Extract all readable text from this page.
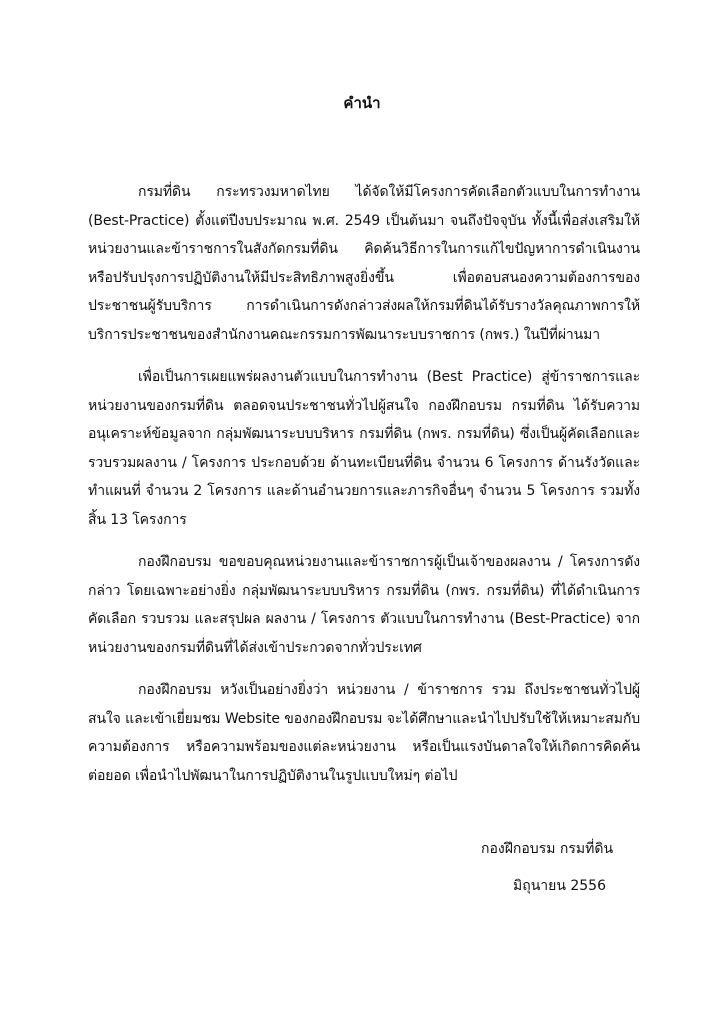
คำนำ

กรมที่ดิน กระทรวงมหาดไทย ได้จัดให้มีโครงการคัดเลือกตัวแบบในการทำงาน (Best-Practice) ตั้งแต่ปีงบประมาณ พ.ศ. 2549 เป็นต้นมา จนถึงปัจจุบัน ทั้งนี้เพื่อส่งเสริมให้หน่วยงานและข้าราชการในสังกัดกรมที่ดิน คิดค้นวิธีการในการแก้ไขปัญหาการดำเนินงานหรือปรับปรุงการปฏิบัติงานให้มีประสิทธิภาพสูงยิ่งขึ้น เพื่อตอบสนองความต้องการของประชาชนผู้รับบริการ การดำเนินการดังกล่าวส่งผลให้กรมที่ดินได้รับรางวัลคุณภาพการให้บริการประชาชนของสำนักงานคณะกรรมการพัฒนาระบบราชการ (กพร.) ในปีที่ผ่านมา

เพื่อเป็นการเผยแพร่ผลงานตัวแบบในการทำงาน (Best Practice) สู่ข้าราชการและหน่วยงานของกรมที่ดิน ตลอดจนประชาชนทั่วไปผู้สนใจ กองฝึกอบรม กรมที่ดิน ได้รับความอนุเคราะห์ข้อมูลจาก กลุ่มพัฒนาระบบบริหาร กรมที่ดิน (กพร. กรมที่ดิน) ซึ่งเป็นผู้คัดเลือกและรวบรวมผลงาน / โครงการ ประกอบด้วย ด้านทะเบียนที่ดิน จำนวน 6 โครงการ ด้านรังวัดและทำแผนที่ จำนวน 2 โครงการ และด้านอำนวยการและภารกิจอื่นๆ จำนวน 5 โครงการ รวมทั้งสิ้น 13 โครงการ

กองฝึกอบรม ขอขอบคุณหน่วยงานและข้าราชการผู้เป็นเจ้าของผลงาน / โครงการดังกล่าว โดยเฉพาะอย่างยิ่ง กลุ่มพัฒนาระบบบริหาร กรมที่ดิน (กพร. กรมที่ดิน) ที่ได้ดำเนินการคัดเลือก รวบรวม และสรุปผล ผลงาน / โครงการ ตัวแบบในการทำงาน (Best-Practice) จากหน่วยงานของกรมที่ดินที่ได้ส่งเข้าประกวดจากทั่วประเทศ

กองฝึกอบรม หวังเป็นอย่างยิ่งว่า หน่วยงาน / ข้าราชการ รวม ถึงประชาชนทั่วไปผู้สนใจ และเข้าเยี่ยมชม Website ของกองฝึกอบรม จะได้ศึกษาและนำไปปรับใช้ให้เหมาะสมกับความต้องการ หรือความพร้อมของแต่ละหน่วยงาน หรือเป็นแรงบันดาลใจให้เกิดการคิดค้นต่อยอด เพื่อนำไปพัฒนาในการปฏิบัติงานในรูปแบบใหม่ๆ ต่อไป

กองฝึกอบรม กรมที่ดิน
มิถุนายน 2556
